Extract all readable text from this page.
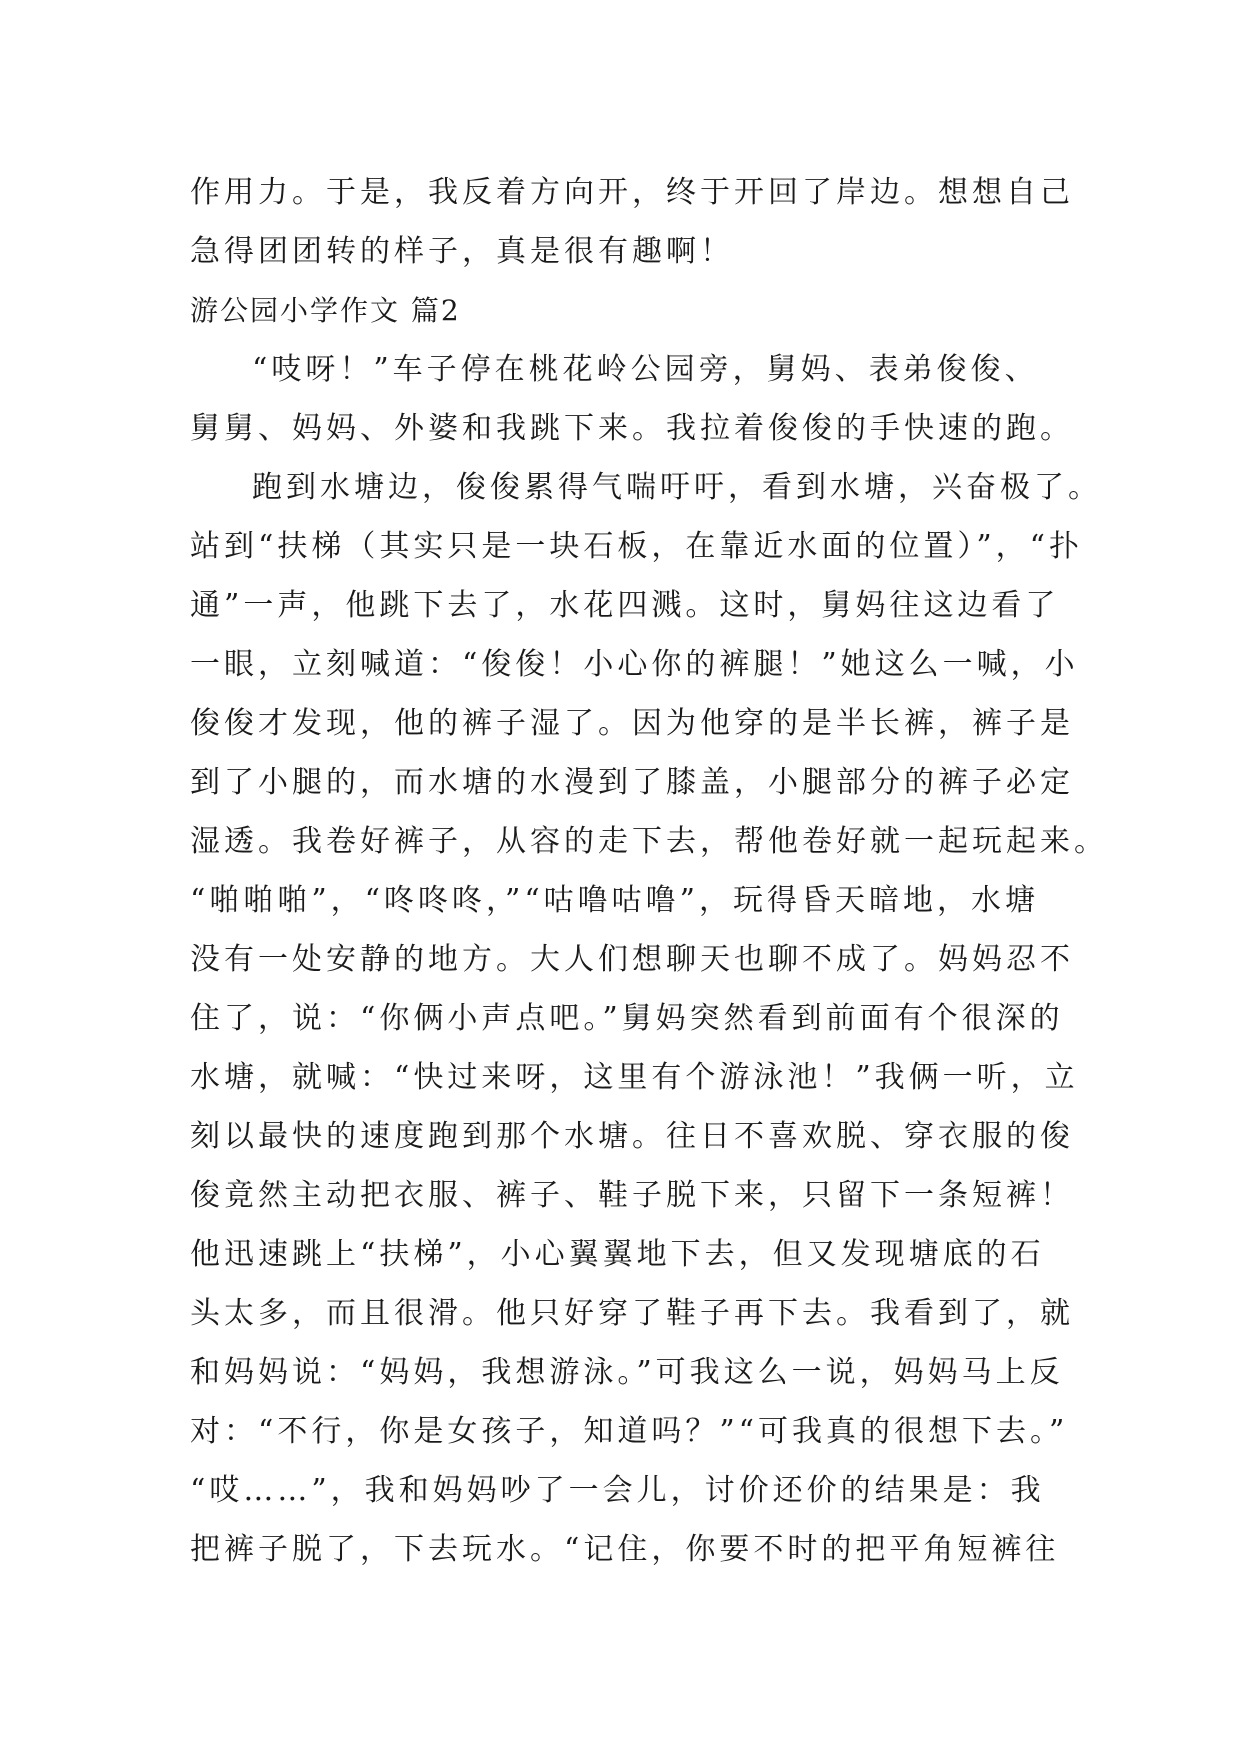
作用力。于是，我反着方向开，终于开回了岸边。想想自己
急得团团转的样子，真是很有趣啊！
游公园小学作文 篇2
“吱呀！”车子停在桃花岭公园旁，舅妈、表弟俊俊、
舅舅、妈妈、外婆和我跳下来。我拉着俊俊的手快速的跑。
跑到水塘边，俊俊累得气喘吁吁，看到水塘，兴奋极了。
站到“扶梯（其实只是一块石板，在靠近水面的位置）”，“扑
通”一声，他跳下去了，水花四溅。这时，舅妈往这边看了
一眼，立刻喊道：“俊俊！小心你的裤腿！”她这么一喊，小
俊俊才发现，他的裤子湿了。因为他穿的是半长裤，裤子是
到了小腿的，而水塘的水漫到了膝盖，小腿部分的裤子必定
湿透。我卷好裤子，从容的走下去，帮他卷好就一起玩起来。
“啪啪啪”，“咚咚咚，”“咕噜咕噜”，玩得昏天暗地，水塘
没有一处安静的地方。大人们想聊天也聊不成了。妈妈忍不
住了，说：“你俩小声点吧。”舅妈突然看到前面有个很深的
水塘，就喊：“快过来呀，这里有个游泳池！”我俩一听，立
刻以最快的速度跑到那个水塘。往日不喜欢脱、穿衣服的俊
俊竟然主动把衣服、裤子、鞋子脱下来，只留下一条短裤！
他迅速跳上“扶梯”，小心翼翼地下去，但又发现塘底的石
头太多，而且很滑。他只好穿了鞋子再下去。我看到了，就
和妈妈说：“妈妈，我想游泳。”可我这么一说，妈妈马上反
对：“不行，你是女孩子，知道吗？”“可我真的很想下去。”
“哎……”，我和妈妈吵了一会儿，讨价还价的结果是：我
把裤子脱了，下去玩水。“记住，你要不时的把平角短裤往
